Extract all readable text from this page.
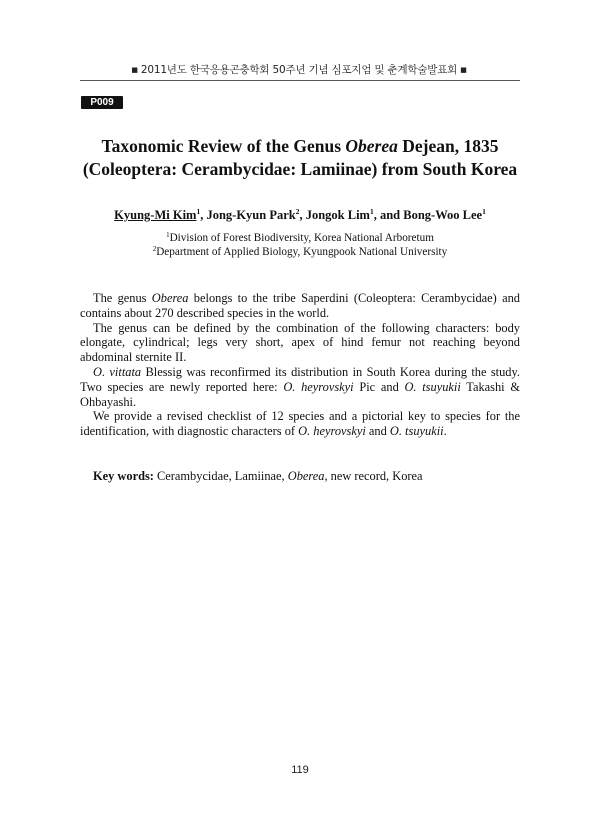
■ 2011년도 한국응용곤충학회 50주년 기념 심포지엄 및 춘계학술발표회 ■
P009
Taxonomic Review of the Genus Oberea Dejean, 1835
(Coleoptera: Cerambycidae: Lamiinae) from South Korea
Kyung-Mi Kim$^1$, Jong-Kyun Park$^2$, Jongok Lim$^1$, and Bong-Woo Lee$^1$
$^1$Division of Forest Biodiversity, Korea National Arboretum
$^2$Department of Applied Biology, Kyungpook National University

The genus Oberea belongs to the tribe Saperdini (Coleoptera: Cerambycidae) and contains about 270 described species in the world.

The genus can be defined by the combination of the following characters: body elongate, cylindrical; legs very short, apex of hind femur not reaching beyond abdominal sternite II.

O. vittata Blessig was reconfirmed its distribution in South Korea during the study. Two species are newly reported here: O. heyrovskyi Pic and O. tsuyukii Takashi & Ohbayashi.

We provide a revised checklist of 12 species and a pictorial key to species for the identification, with diagnostic characters of O. heyrovskyi and O. tsuyukii.

Key words: Cerambycidae, Lamiinae, Oberea, new record, Korea
119
